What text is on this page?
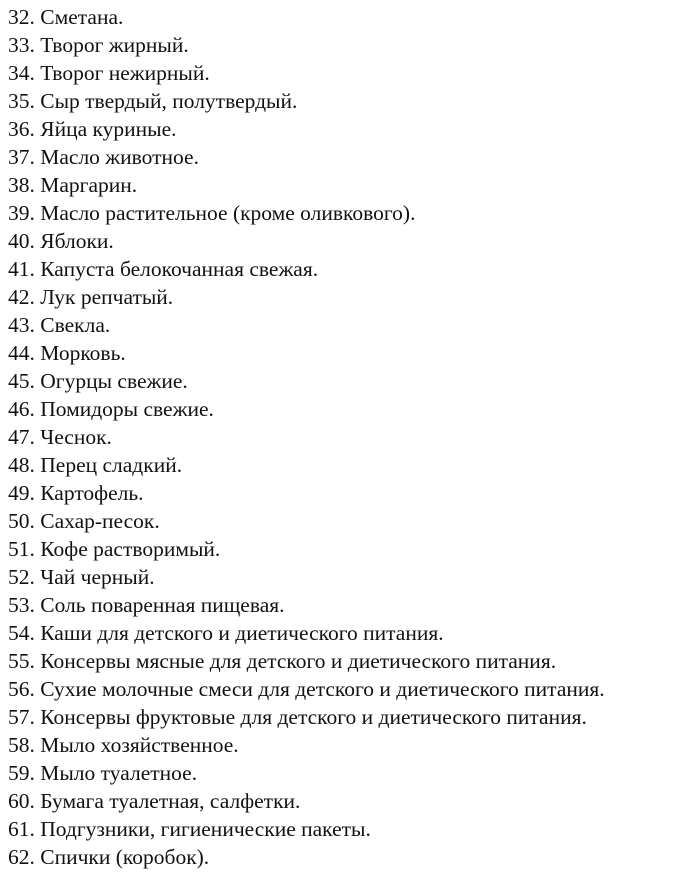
32. Сметана.
33. Творог жирный.
34. Творог нежирный.
35. Сыр твердый, полутвердый.
36. Яйца куриные.
37. Масло животное.
38. Маргарин.
39. Масло растительное (кроме оливкового).
40. Яблоки.
41. Капуста белокочанная свежая.
42. Лук репчатый.
43. Свекла.
44. Морковь.
45. Огурцы свежие.
46. Помидоры свежие.
47. Чеснок.
48. Перец сладкий.
49. Картофель.
50. Сахар-песок.
51. Кофе растворимый.
52. Чай черный.
53. Соль поваренная пищевая.
54. Каши для детского и диетического питания.
55. Консервы мясные для детского и диетического питания.
56. Сухие молочные смеси для детского и диетического питания.
57. Консервы фруктовые для детского и диетического питания.
58. Мыло хозяйственное.
59. Мыло туалетное.
60. Бумага туалетная, салфетки.
61. Подгузники, гигиенические пакеты.
62. Спички (коробок).
